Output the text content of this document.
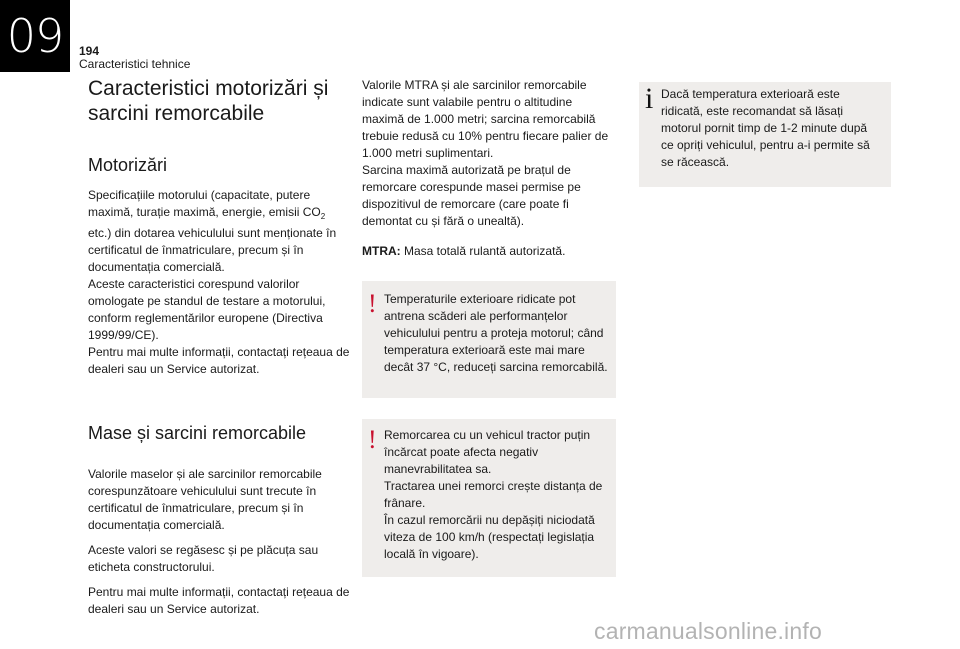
09	194
Caracteristici tehnice
Caracteristici motorizări și sarcini remorcabile
Motorizări

Specificațiile motorului (capacitate, putere maximă, turație maximă, energie, emisii $CO_2$ etc.) din dotarea vehiculului sunt menționate în certificatul de înmatriculare, precum și în documentația comercială.

Aceste caracteristici corespund valorilor omologate pe standul de testare a motorului, conform reglementărilor europene (Directiva 1999/99/CE).

Pentru mai multe informații, contactați rețeaua de dealeri sau un Service autorizat.

Mase și sarcini remorcabile

Valorile maselor și ale sarcinilor remorcabile corespunzătoare vehiculului sunt trecute în certificatul de înmatriculare, precum și în documentația comercială.

Aceste valori se regăsesc și pe plăcuța sau eticheta constructorului.

Pentru mai multe informații, contactați rețeaua de dealeri sau un Service autorizat.

Valorile MTRA și ale sarcinilor remorcabile indicate sunt valabile pentru o altitudine maximă de 1.000 metri; sarcina remorcabilă trebuie redusă cu 10% pentru fiecare palier de 1.000 metri suplimentari.

Sarcina maximă autorizată pe brațul de remorcare corespunde masei permise pe dispozitivul de remorcare (care poate fi demontat cu și fără o unealtă).

MTRA: Masa totală rulantă autorizată.

! Temperaturile exterioare ridicate pot antrena scăderi ale performanțelor vehiculului pentru a proteja motorul; când temperatura exterioară este mai mare decât 37 °C, reduceți sarcina remorcabilă.
! Remorcarea cu un vehicul tractor puțin încărcat poate afecta negativ manevrabilitatea sa.
Tractarea unei remorci crește distanța de frânare.
În cazul remorcării nu depășiți niciodată viteza de 100 km/h (respectați legislația locală în vigoare).
i Dacă temperatura exterioară este ridicată, este recomandat să lăsați motorul pornit timp de 1-2 minute după ce opriți vehiculul, pentru a-i permite să se răcească.
carmanualsonline.info
